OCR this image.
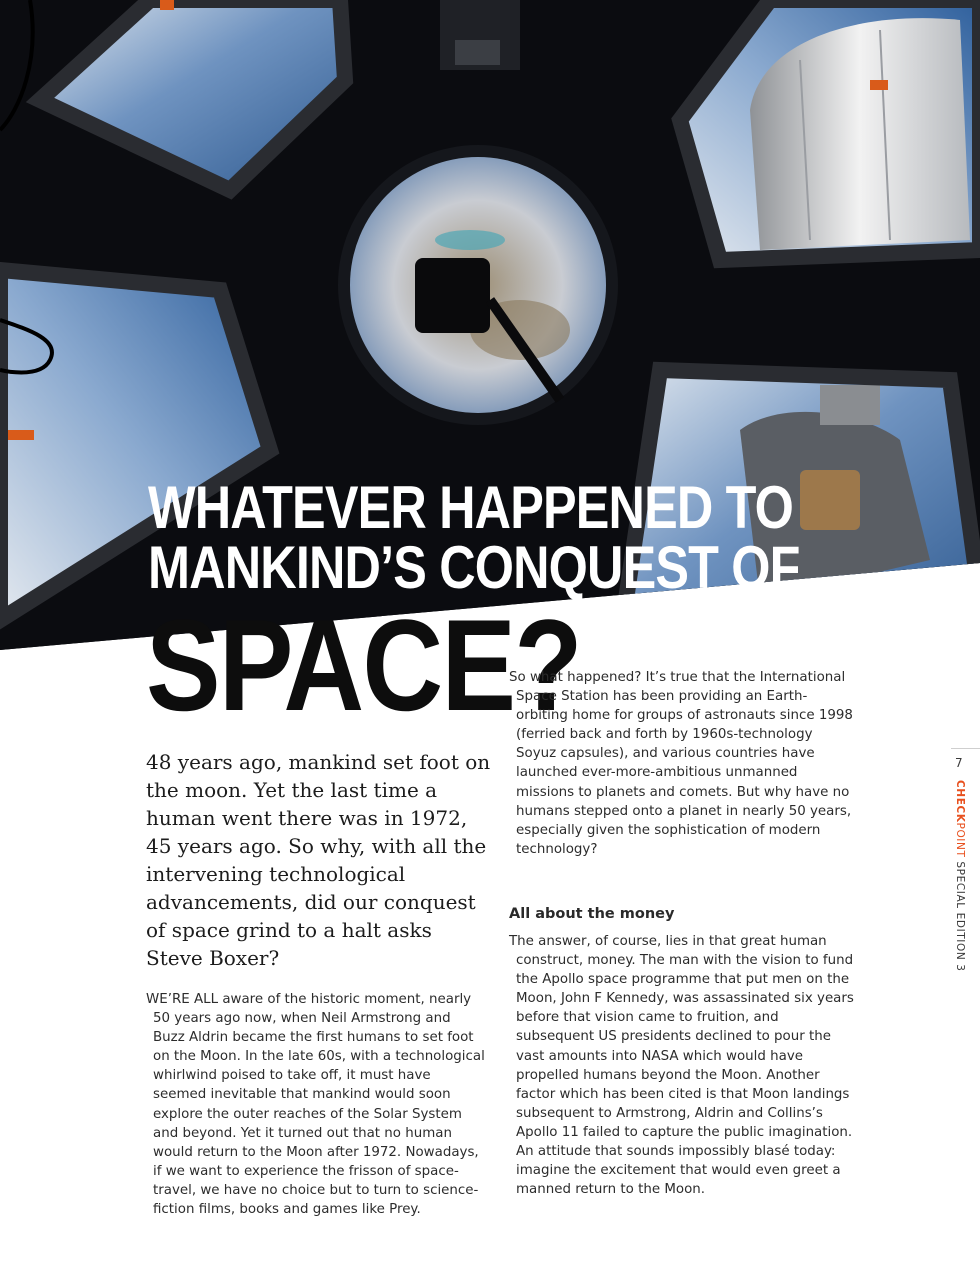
WHATEVER HAPPENED TO
MANKIND’S CONQUEST OF
SPACE?

48 years ago, mankind set foot on the moon. Yet the last time a human went there was in 1972, 45 years ago. So why, with all the intervening technological advancements, did our conquest of space grind to a halt asks Steve Boxer?

WE’RE ALL aware of the historic moment, nearly 50 years ago now, when Neil Armstrong and Buzz Aldrin became the first humans to set foot on the Moon. In the late 60s, with a technological whirlwind poised to take off, it must have seemed inevitable that mankind would soon explore the outer reaches of the Solar System and beyond. Yet it turned out that no human would return to the Moon after 1972. Nowadays, if we want to experience the frisson of space-travel, we have no choice but to turn to science-fiction films, books and games like Prey.

So what happened? It’s true that the International Space Station has been providing an Earth-orbiting home for groups of astronauts since 1998 (ferried back and forth by 1960s-technology Soyuz capsules), and various countries have launched ever-more-ambitious unmanned missions to planets and comets. But why have no humans stepped onto a planet in nearly 50 years, especially given the sophistication of modern technology?

All about the money

The answer, of course, lies in that great human construct, money. The man with the vision to fund the Apollo space programme that put men on the Moon, John F Kennedy, was assassinated six years before that vision came to fruition, and subsequent US presidents declined to pour the vast amounts into NASA which would have propelled humans beyond the Moon. Another factor which has been cited is that Moon landings subsequent to Armstrong, Aldrin and Collins’s Apollo 11 failed to capture the public imagination. An attitude that sounds impossibly blasé today: imagine the excitement that would even greet a manned return to the Moon.

7
CHECKPOINT SPECIAL EDITION 3
